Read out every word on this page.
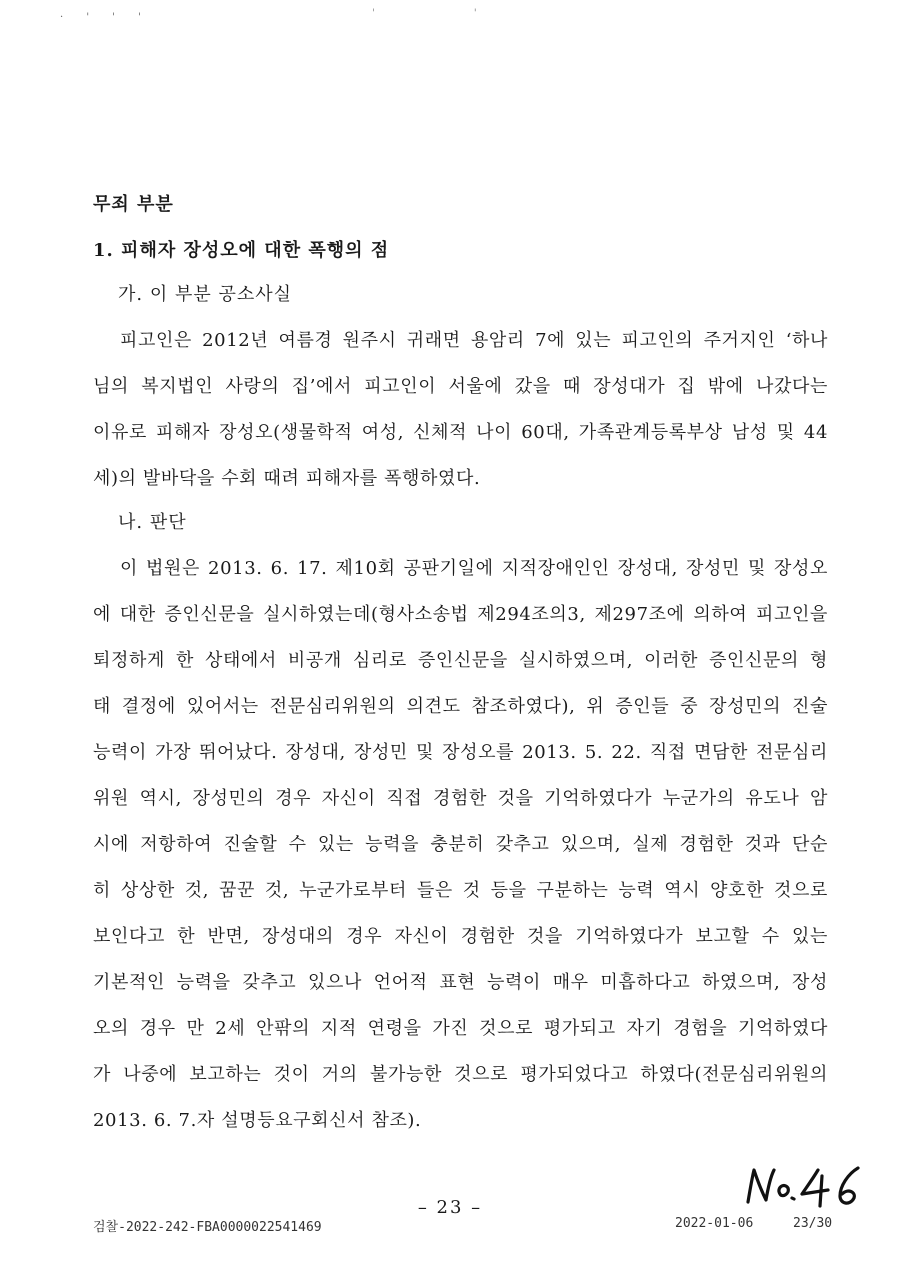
· ' ' '	' '
무죄 부분
1. 피해자 장성오에 대한 폭행의 점
가. 이 부분 공소사실
피고인은 2012년 여름경 원주시 귀래면 용암리 7에 있는 피고인의 주거지인 ‘하나
님의 복지법인 사랑의 집’에서 피고인이 서울에 갔을 때 장성대가 집 밖에 나갔다는
이유로 피해자 장성오(생물학적 여성, 신체적 나이 60대, 가족관계등록부상 남성 및 44
세)의 발바닥을 수회 때려 피해자를 폭행하였다.
나. 판단
이 법원은 2013. 6. 17. 제10회 공판기일에 지적장애인인 장성대, 장성민 및 장성오
에 대한 증인신문을 실시하였는데(형사소송법 제294조의3, 제297조에 의하여 피고인을
퇴정하게 한 상태에서 비공개 심리로 증인신문을 실시하였으며, 이러한 증인신문의 형
태 결정에 있어서는 전문심리위원의 의견도 참조하였다), 위 증인들 중 장성민의 진술
능력이 가장 뛰어났다. 장성대, 장성민 및 장성오를 2013. 5. 22. 직접 면담한 전문심리
위원 역시, 장성민의 경우 자신이 직접 경험한 것을 기억하였다가 누군가의 유도나 암
시에 저항하여 진술할 수 있는 능력을 충분히 갖추고 있으며, 실제 경험한 것과 단순
히 상상한 것, 꿈꾼 것, 누군가로부터 들은 것 등을 구분하는 능력 역시 양호한 것으로
보인다고 한 반면, 장성대의 경우 자신이 경험한 것을 기억하였다가 보고할 수 있는
기본적인 능력을 갖추고 있으나 언어적 표현 능력이 매우 미흡하다고 하였으며, 장성
오의 경우 만 2세 안팎의 지적 연령을 가진 것으로 평가되고 자기 경험을 기억하였다
가 나중에 보고하는 것이 거의 불가능한 것으로 평가되었다고 하였다(전문심리위원의
2013. 6. 7.자 설명등요구회신서 참조).
– 23 –
검찰-2022-242-FBA0000022541469	2022-01-06	23/30
